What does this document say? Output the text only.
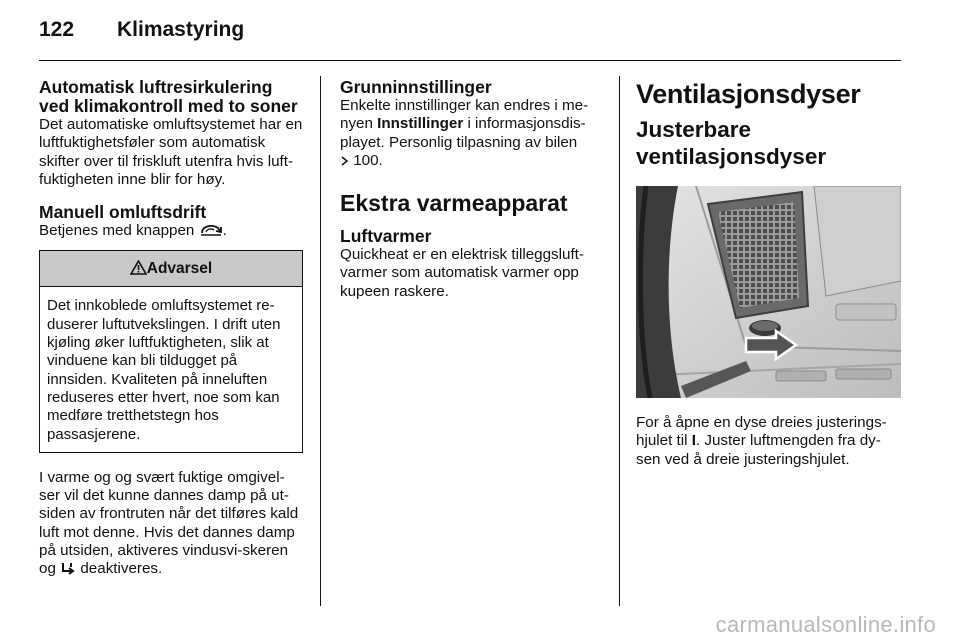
122	Klimastyring
Automatisk luftresirkulering ved klimakontroll med to soner

Det automatiske omluftsystemet har en luftfuktighetsføler som automatisk skifter over til friskluft utenfra hvis luft-fuktigheten inne blir for høy.

Manuell omluftsdrift

Betjenes med knappen .

Advarsel
Det innkoblede omluftsystemet re-duserer luftutvekslingen. I drift uten kjøling øker luftfuktigheten, slik at vinduene kan bli tildugget på innsiden. Kvaliteten på inneluften reduseres etter hvert, noe som kan medføre tretthetstegn hos passasjerene.

I varme og og svært fuktige omgivel-ser vil det kunne dannes damp på ut-siden av frontruten når det tilføres kald luft mot denne. Hvis det dannes damp på utsiden, aktiveres vindusvi-skeren og  deaktiveres.

Grunninnstillinger

Enkelte innstillinger kan endres i me-nyen Innstillinger i informasjonsdis-playet. Personlig tilpasning av bilen
100.

Ekstra varmeapparat
Luftvarmer

Quickheat er en elektrisk tilleggsluft-varmer som automatisk varmer opp kupeen raskere.

Ventilasjonsdyser
Justerbare ventilasjonsdyser

For å åpne en dyse dreies justerings-hjulet til I. Juster luftmengden fra dy-sen ved å dreie justeringshjulet.

carmanualsonline.info
